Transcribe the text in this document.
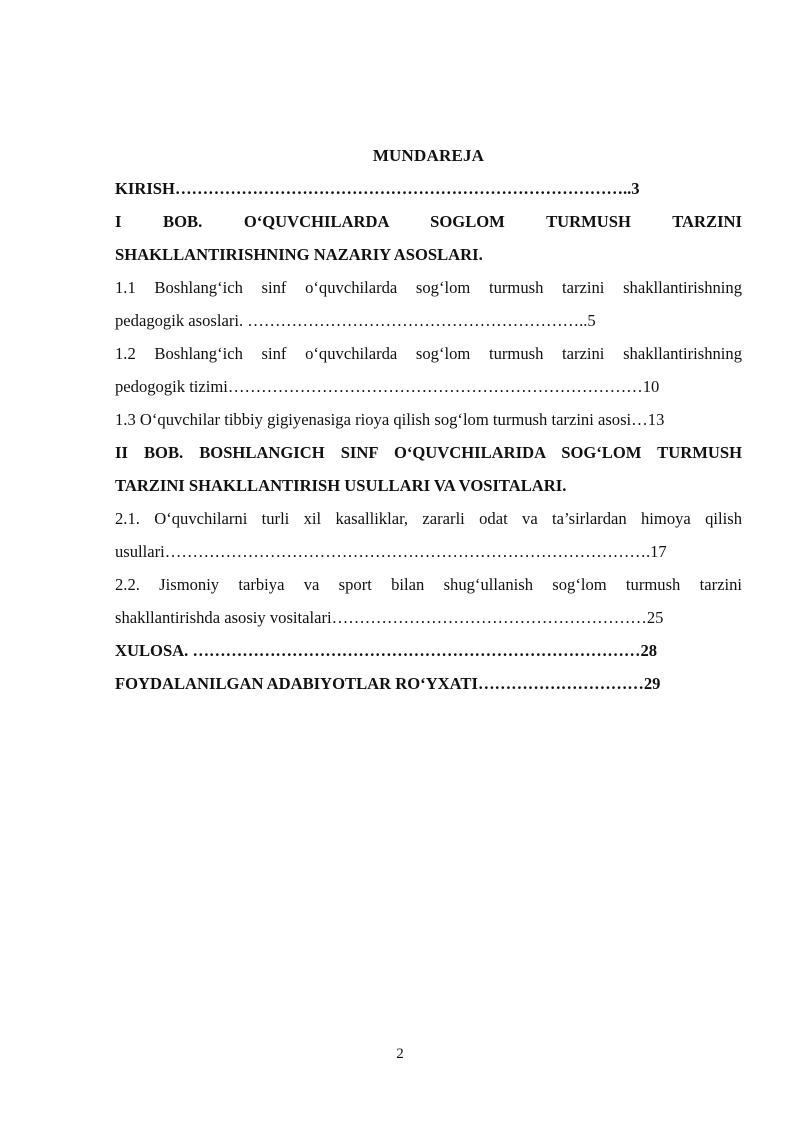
MUNDAREJA

KIRISH………………………………………………………………………..3

I BOB. O‘QUVCHILARDA SOGLOM TURMUSH TARZINI

SHAKLLANTIRISHNING NAZARIY ASOSLARI.

1.1 Boshlang‘ich sinf o‘quvchilarda sog‘lom turmush tarzini shakllantirishning

pedagogik asoslari. ……………………………………………………..5

1.2 Boshlang‘ich sinf o‘quvchilarda sog‘lom turmush tarzini shakllantirishning

pedogogik tizimi…………………………………………………………………10

1.3 O‘quvchilar tibbiy gigiyenasiga rioya qilish sog‘lom turmush tarzini asosi…13

II BOB. BOSHLANGICH SINF O‘QUVCHILARIDA SOG‘LOM TURMUSH

TARZINI SHAKLLANTIRISH USULLARI VA VOSITALARI.

2.1. O‘quvchilarni turli xil kasalliklar, zararli odat va ta’sirlardan himoya qilish

usullari…………………………………………………………………………….17

2.2. Jismoniy tarbiya va sport bilan shug‘ullanish sog‘lom turmush tarzini

shakllantirishda asosiy vositalari…………………………………………………25

XULOSA. ………………………………………………………………………28

FOYDALANILGAN ADABIYOTLAR RO‘YXATI…………………………29

2
